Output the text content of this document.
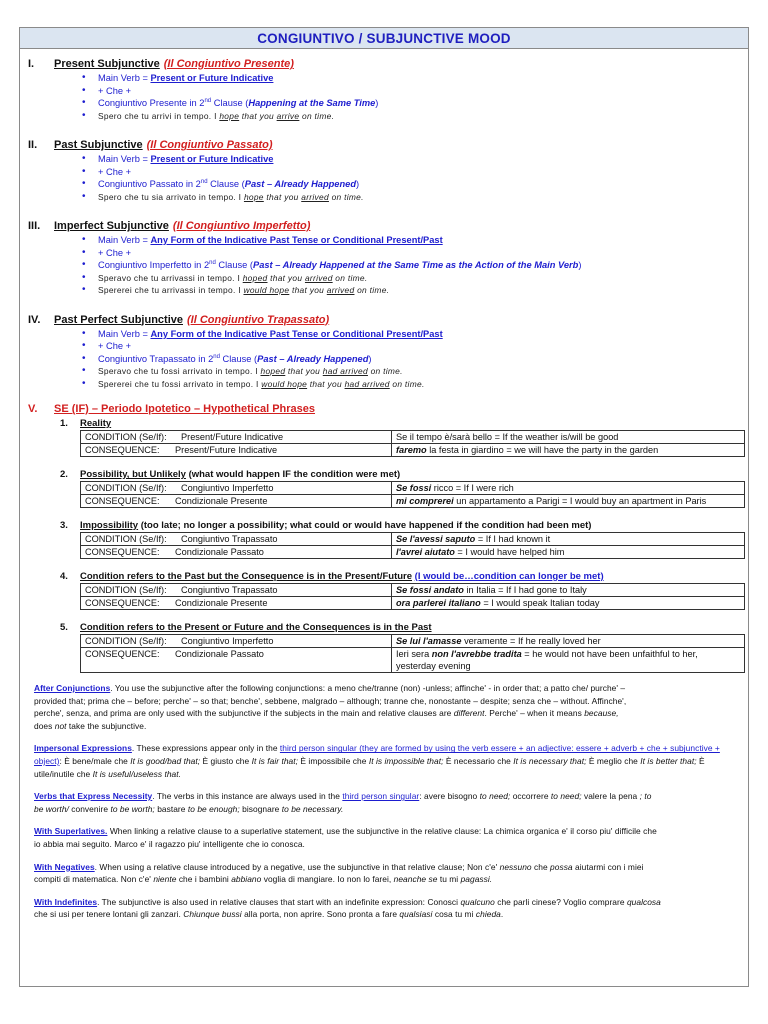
CONGIUNTIVO / SUBJUNCTIVE MOOD
I. Present Subjunctive (Il Congiuntivo Presente)
• Main Verb = Present or Future Indicative
• + Che +
• Congiuntivo Presente in 2nd Clause (Happening at the Same Time)
• Spero che tu arrivi in tempo. I hope that you arrive on time.
II. Past Subjunctive (Il Congiuntivo Passato)
• Main Verb = Present or Future Indicative
• + Che +
• Congiuntivo Passato in 2nd Clause (Past – Already Happened)
• Spero che tu sia arrivato in tempo. I hope that you arrived on time.
III. Imperfect Subjunctive (Il Congiuntivo Imperfetto)
• Main Verb = Any Form of the Indicative Past Tense or Conditional Present/Past
• + Che +
• Congiuntivo Imperfetto in 2nd Clause (Past – Already Happened at the Same Time as the Action of the Main Verb)
• Speravo che tu arrivassi in tempo. I hoped that you arrived on time.
• Spererei che tu arrivassi in tempo. I would hope that you arrived on time.
IV. Past Perfect Subjunctive (Il Congiuntivo Trapassato)
• Main Verb = Any Form of the Indicative Past Tense or Conditional Present/Past
• + Che +
• Congiuntivo Trapassato in 2nd Clause (Past – Already Happened)
• Speravo che tu fossi arrivato in tempo. I hoped that you had arrived on time.
• Spererei che tu fossi arrivato in tempo. I would hope that you had arrived on time.
V. SE (IF) – Periodo Ipotetico – Hypothetical Phrases
1. Reality
CONDITION (Se/If): Present/Future Indicative	Se il tempo è/sarà bello = If the weather is/will be good
CONSEQUENCE: Present/Future Indicative	faremo la festa in giardino = we will have the party in the garden
2. Possibility, but Unlikely (what would happen IF the condition were met)
CONDITION (Se/If): Congiuntivo Imperfetto	Se fossi ricco = If I were rich
CONSEQUENCE: Condizionale Presente	mi comprerei un appartamento a Parigi = I would buy an apartment in Paris
3. Impossibility (too late; no longer a possibility; what could or would have happened if the condition had been met)
CONDITION (Se/If): Congiuntivo Trapassato	Se l'avessi saputo = If I had known it
CONSEQUENCE: Condizionale Passato	l'avrei aiutato = I would have helped him
4. Condition refers to the Past but the Consequence is in the Present/Future (I would be…condition can longer be met)
CONDITION (Se/If): Congiuntivo Trapassato	Se fossi andato in Italia = If I had gone to Italy
CONSEQUENCE: Condizionale Presente	ora parlerei italiano = I would speak Italian today
5. Condition refers to the Present or Future and the Consequences is in the Past
CONDITION (Se/If): Congiuntivo Imperfetto	Se lui l'amasse veramente = If he really loved her
CONSEQUENCE: Condizionale Passato	Ieri sera non l'avrebbe tradita = he would not have been unfaithful to her, yesterday evening
After Conjunctions. You use the subjunctive after the following conjunctions: a meno che/tranne (non) -unless; affinche' - in order that; a patto che/ purche' –
provided that; prima che – before; perche' – so that; benche', sebbene, malgrado – although; tranne che, nonostante – despite; senza che – without. Affinche',
perche', senza, and prima are only used with the subjunctive if the subjects in the main and relative clauses are different. Perche' – when it means because,
does not take the subjunctive.
Impersonal Expressions. These expressions appear only in the third person singular (they are formed by using the verb essere + an adjective: essere + adverb + che + subjunctive + object): È bene/male che It is good/bad that; È giusto che It is fair that; È impossibile che It is impossible that; È necessario che It is necessary that; È meglio che It is better that; È utile/inutile che It is useful/useless that.
Verbs that Express Necessity. The verbs in this instance are always used in the third person singular: avere bisogno to need; occorrere to need; valere la pena ; to
be worth/ convenire to be worth; bastare to be enough; bisognare to be necessary.
With Superlatives. When linking a relative clause to a superlative statement, use the subjunctive in the relative clause: La chimica organica e' il corso piu' difficile che
io abbia mai seguito. Marco e' il ragazzo piu' intelligente che io conosca.
With Negatives. When using a relative clause introduced by a negative, use the subjunctive in that relative clause; Non c'e' nessuno che possa aiutarmi con i miei
compiti di matematica. Non c'e' niente che i bambini abbiano voglia di mangiare. Io non lo farei, neanche se tu mi pagassi.
With Indefinites. The subjunctive is also used in relative clauses that start with an indefinite expression: Conosci qualcuno che parli cinese? Voglio comprare qualcosa
che si usi per tenere lontani gli zanzari. Chiunque bussi alla porta, non aprire. Sono pronta a fare qualsiasi cosa tu mi chieda.
